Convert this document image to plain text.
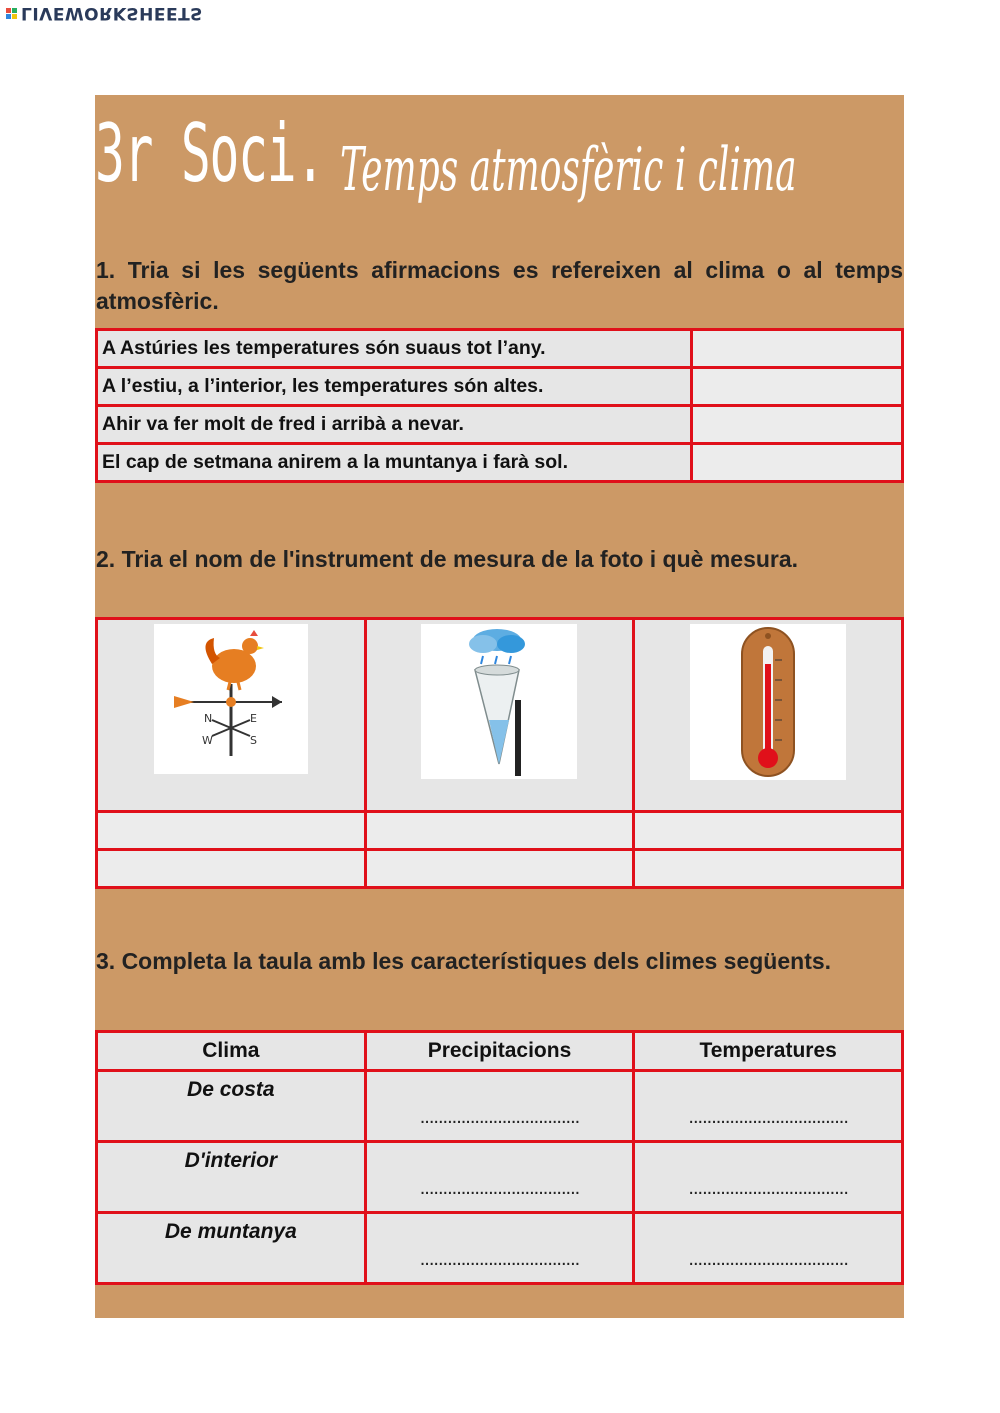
LIVEWORKSHEETS
3r Soci. Temps atmosfèric i clima
1. Tria si les següents afirmacions es refereixen al clima o al temps atmosfèric.
A Astúries les temperatures són suaus tot l’any.	
A l’estiu, a l’interior, les temperatures són altes.	
Ahir va fer molt de fred i arribà a nevar.	
El cap de setmana anirem a la muntanya i farà sol.	
2. Tria el nom de l'instrument de mesura de la foto i què mesura.
N E
W S

3. Completa la taula amb les característiques dels climes següents.
Clima	Precipitacions	Temperatures
De costa	...................................	...................................

D'interior	...................................	...................................

De muntanya	...................................	...................................
